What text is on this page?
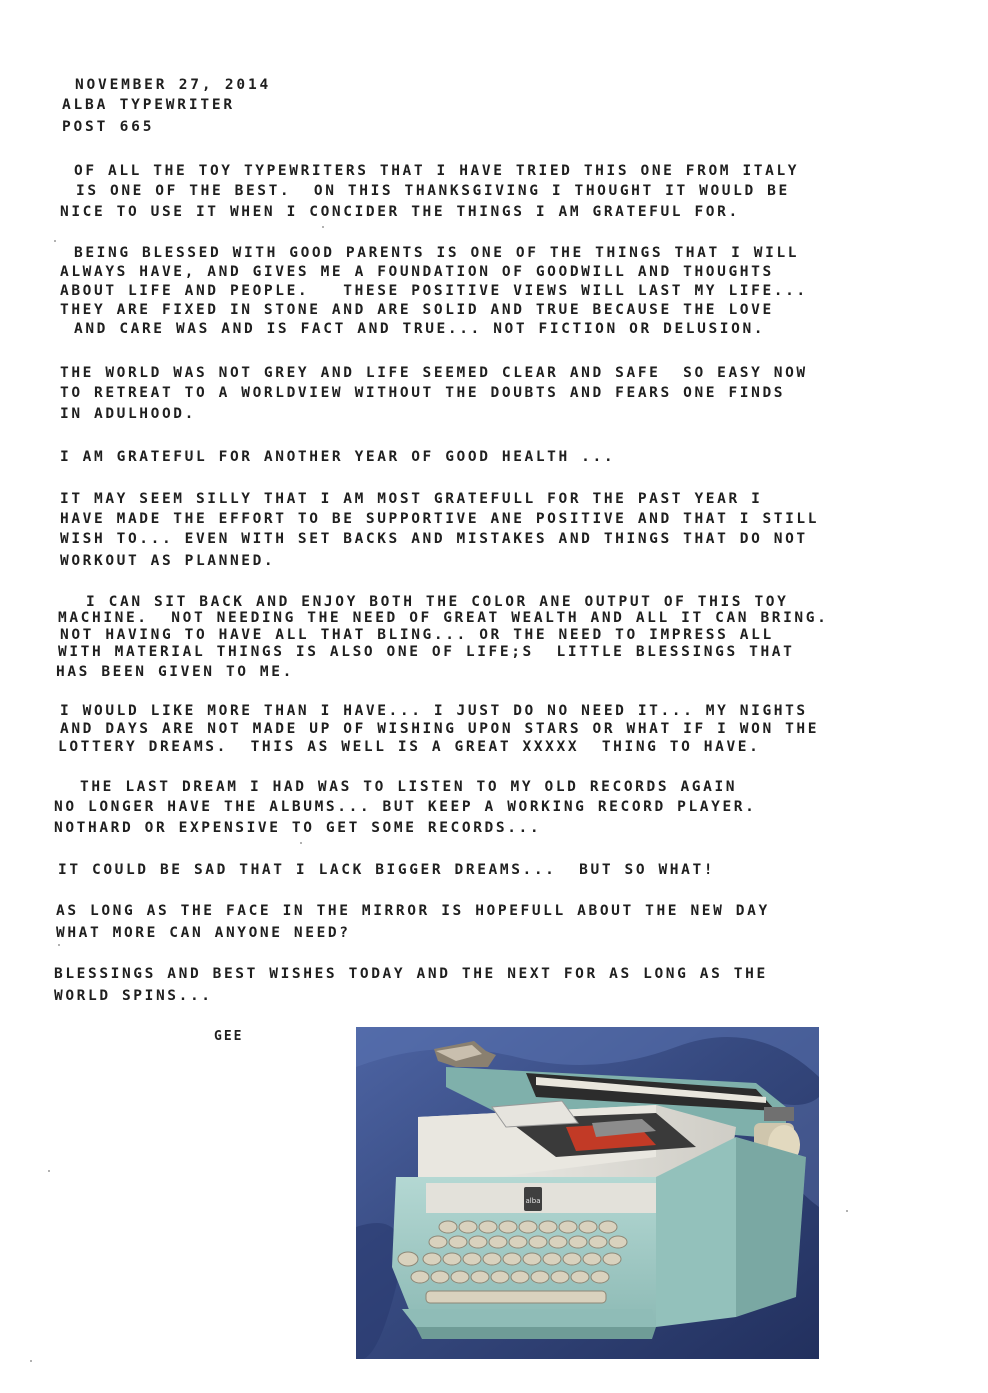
NOVEMBER 27, 2014
ALBA TYPEWRITER
POST 665
OF ALL THE TOY TYPEWRITERS THAT I HAVE TRIED THIS ONE FROM ITALY
IS ONE OF THE BEST.  ON THIS THANKSGIVING I THOUGHT IT WOULD BE
NICE TO USE IT WHEN I CONCIDER THE THINGS I AM GRATEFUL FOR.
BEING BLESSED WITH GOOD PARENTS IS ONE OF THE THINGS THAT I WILL
ALWAYS HAVE, AND GIVES ME A FOUNDATION OF GOODWILL AND THOUGHTS
ABOUT LIFE AND PEOPLE.   THESE POSITIVE VIEWS WILL LAST MY LIFE...
THEY ARE FIXED IN STONE AND ARE SOLID AND TRUE BECAUSE THE LOVE
AND CARE WAS AND IS FACT AND TRUE... NOT FICTION OR DELUSION.
THE WORLD WAS NOT GREY AND LIFE SEEMED CLEAR AND SAFE  SO EASY NOW
TO RETREAT TO A WORLDVIEW WITHOUT THE DOUBTS AND FEARS ONE FINDS
IN ADULHOOD.
I AM GRATEFUL FOR ANOTHER YEAR OF GOOD HEALTH ...
IT MAY SEEM SILLY THAT I AM MOST GRATEFULL FOR THE PAST YEAR I
HAVE MADE THE EFFORT TO BE SUPPORTIVE ANE POSITIVE AND THAT I STILL
WISH TO... EVEN WITH SET BACKS AND MISTAKES AND THINGS THAT DO NOT
WORKOUT AS PLANNED.
I CAN SIT BACK AND ENJOY BOTH THE COLOR ANE OUTPUT OF THIS TOY
MACHINE.  NOT NEEDING THE NEED OF GREAT WEALTH AND ALL IT CAN BRING.
NOT HAVING TO HAVE ALL THAT BLING... OR THE NEED TO IMPRESS ALL
WITH MATERIAL THINGS IS ALSO ONE OF LIFE;S  LITTLE BLESSINGS THAT
HAS BEEN GIVEN TO ME.
I WOULD LIKE MORE THAN I HAVE... I JUST DO NO NEED IT... MY NIGHTS
AND DAYS ARE NOT MADE UP OF WISHING UPON STARS OR WHAT IF I WON THE
LOTTERY DREAMS.  THIS AS WELL IS A GREAT XXXXX  THING TO HAVE.
THE LAST DREAM I HAD WAS TO LISTEN TO MY OLD RECORDS AGAIN
NO LONGER HAVE THE ALBUMS... BUT KEEP A WORKING RECORD PLAYER.
NOTHARD OR EXPENSIVE TO GET SOME RECORDS...
IT COULD BE SAD THAT I LACK BIGGER DREAMS...  BUT SO WHAT!
AS LONG AS THE FACE IN THE MIRROR IS HOPEFULL ABOUT THE NEW DAY
WHAT MORE CAN ANYONE NEED?
BLESSINGS AND BEST WISHES TODAY AND THE NEXT FOR AS LONG AS THE
WORLD SPINS...
GEE
alba
